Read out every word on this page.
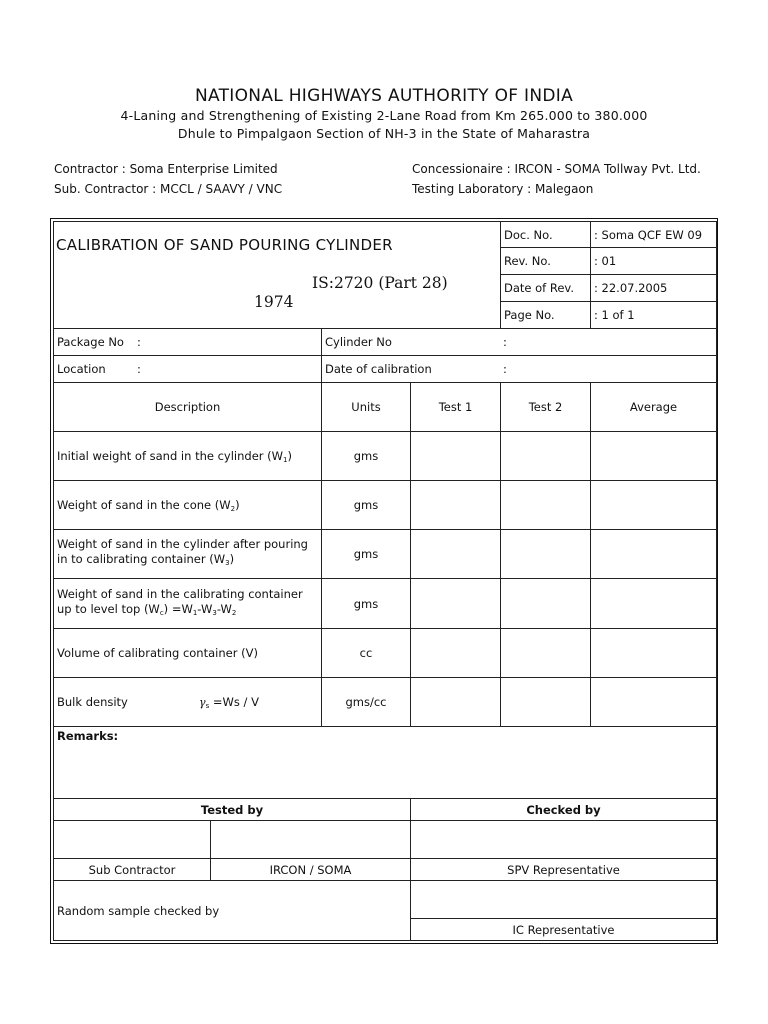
NATIONAL HIGHWAYS AUTHORITY OF INDIA
4-Laning and Strengthening of Existing 2-Lane Road from Km 265.000 to 380.000
Dhule to Pimpalgaon Section of NH-3 in the State of Maharastra
Contractor : Soma Enterprise Limited
Sub. Contractor : MCCL / SAAVY / VNC
Concessionaire : IRCON - SOMA Tollway Pvt. Ltd.
Testing Laboratory : Malegaon
CALIBRATION OF SAND POURING CYLINDER
IS:2720 (Part 28)
1974				Doc. No.	: Soma QCF EW 09
				Rev. No.	: 01
				Date of Rev.	: 22.07.2005
				Page No.	: 1 of 1
Package No :		Cylinder No :			
Location :		Date of calibration :			
Description		Units	Test 1	Test 2	Average
Initial weight of sand in the cylinder $(W_1)$		gms			
Weight of sand in the cone $(W_2)$		gms			
Weight of sand in the cylinder after pouring
in to calibrating container $(W_3)$		gms			
Weight of sand in the calibrating container
up to level top $(W_c) =W_1-W_3-W_2$		gms			
Volume of calibrating container (V)		cc			
Bulk density $\gamma_s =Ws / V$		gms/cc			
Remarks:					
Tested by			Checked by		

Sub Contractor	IRCON / SOMA		SPV Representative		
Random sample checked by					
			IC Representative		
